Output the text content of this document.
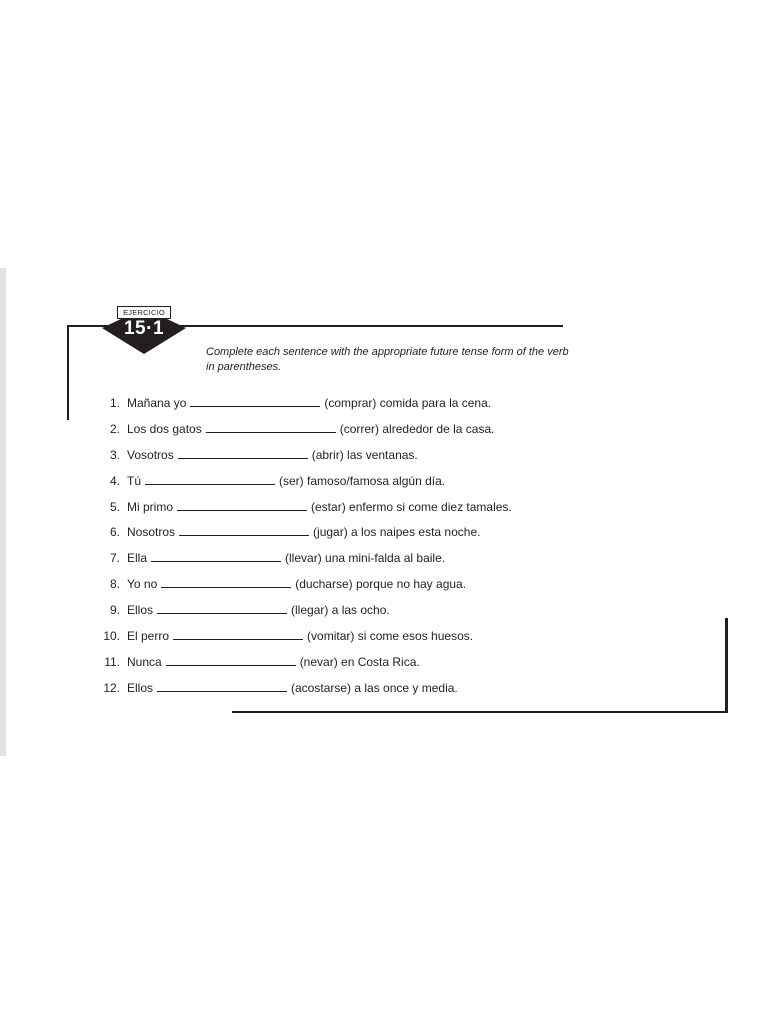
EJERCICIO
15·1
Complete each sentence with the appropriate future tense form of the verb
in parentheses.
1. Mañana yo	(comprar) comida para la cena.
2. Los dos gatos	(correr) alrededor de la casa.
3. Vosotros	(abrir) las ventanas.
4. Tú	(ser) famoso/famosa algún día.
5. Mi primo	(estar) enfermo si come diez tamales.
6. Nosotros	(jugar) a los naipes esta noche.
7. Ella	(llevar) una mini-falda al baile.
8. Yo no	(ducharse) porque no hay agua.
9. Ellos	(llegar) a las ocho.
10. El perro	(vomitar) si come esos huesos.
11. Nunca	(nevar) en Costa Rica.
12. Ellos	(acostarse) a las once y media.
